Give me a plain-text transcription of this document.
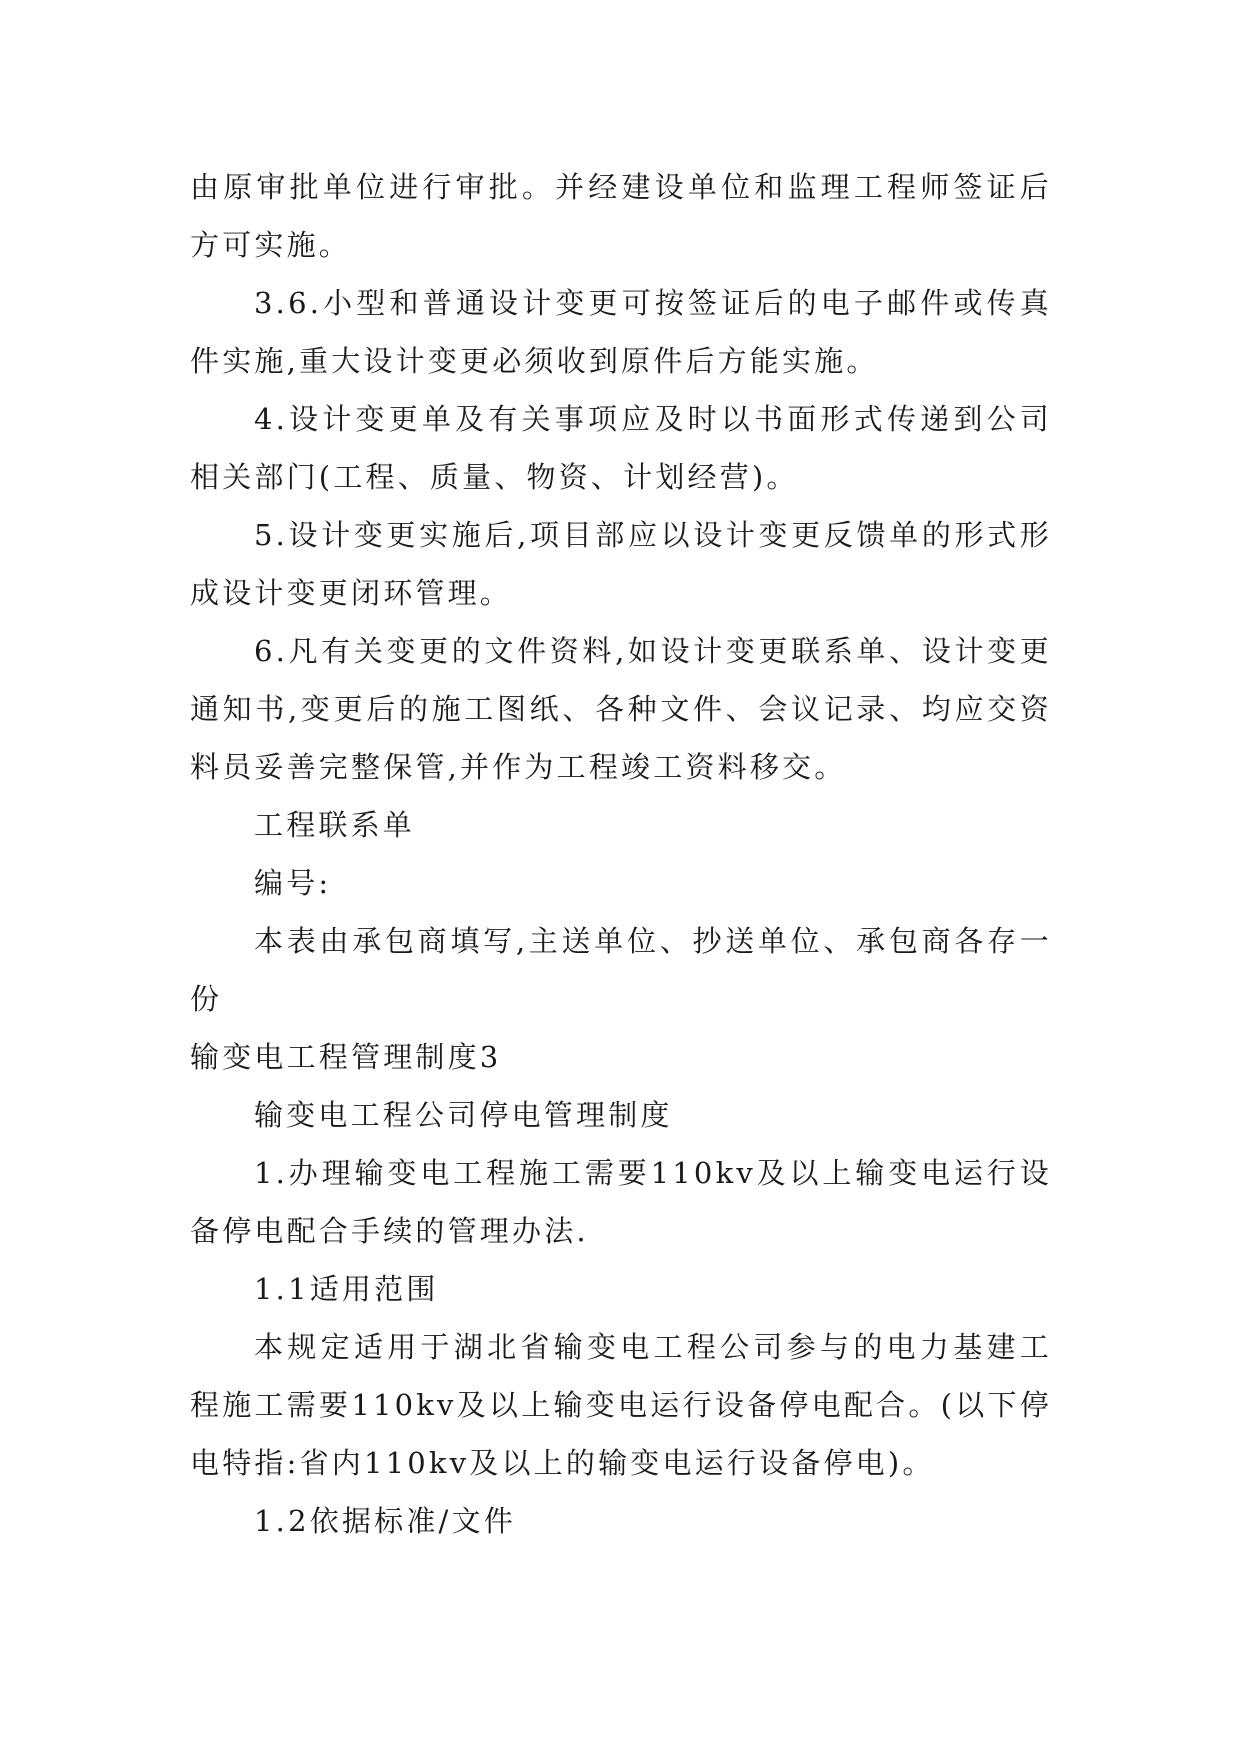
由原审批单位进行审批。并经建设单位和监理工程师签证后方可实施。

3.6.小型和普通设计变更可按签证后的电子邮件或传真件实施,重大设计变更必须收到原件后方能实施。

4.设计变更单及有关事项应及时以书面形式传递到公司相关部门(工程、质量、物资、计划经营)。

5.设计变更实施后,项目部应以设计变更反馈单的形式形成设计变更闭环管理。

6.凡有关变更的文件资料,如设计变更联系单、设计变更通知书,变更后的施工图纸、各种文件、会议记录、均应交资料员妥善完整保管,并作为工程竣工资料移交。

工程联系单

编号:

本表由承包商填写,主送单位、抄送单位、承包商各存一份

输变电工程管理制度3

输变电工程公司停电管理制度

1.办理输变电工程施工需要110kv及以上输变电运行设备停电配合手续的管理办法.

1.1适用范围

本规定适用于湖北省输变电工程公司参与的电力基建工程施工需要110kv及以上输变电运行设备停电配合。(以下停电特指:省内110kv及以上的输变电运行设备停电)。

1.2依据标准/文件
